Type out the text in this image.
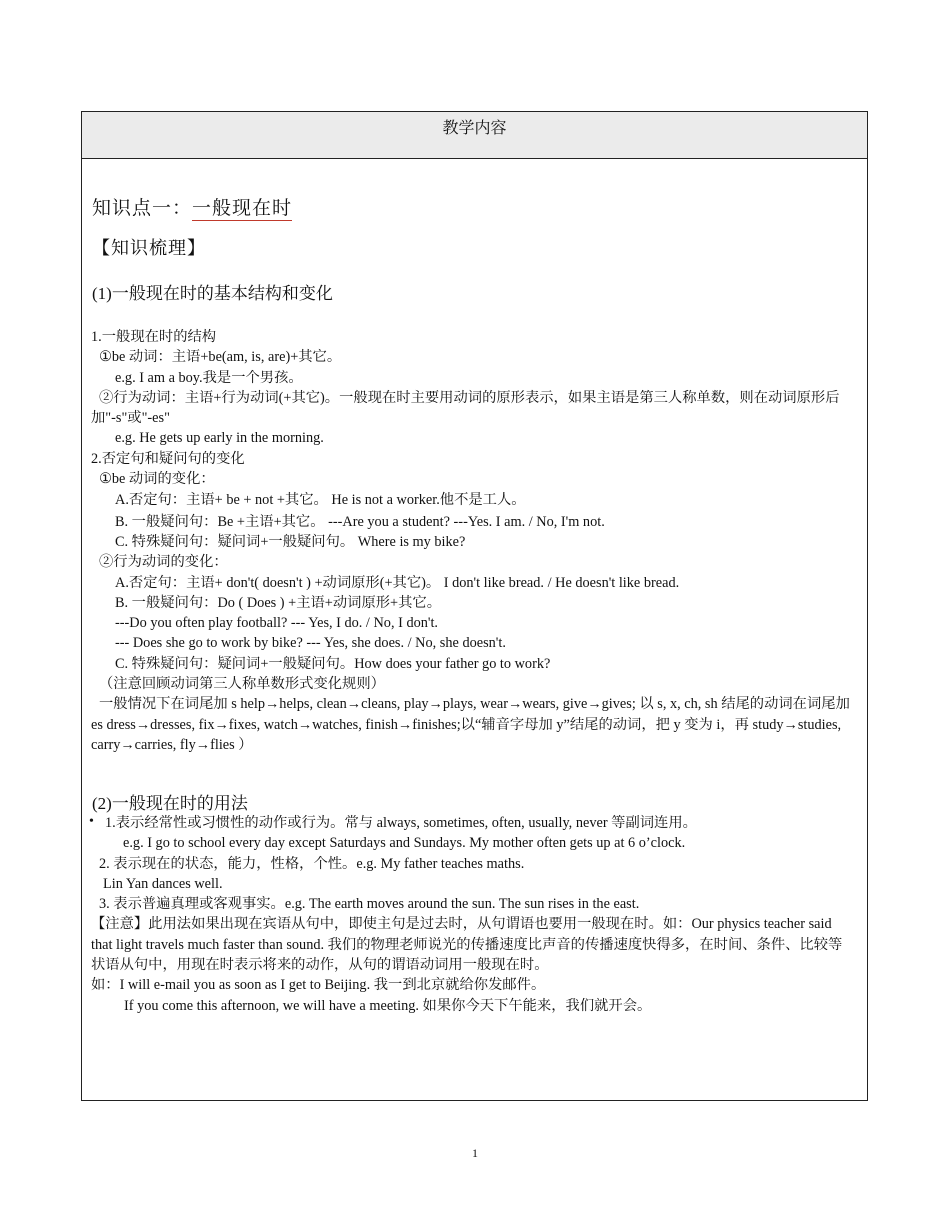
教学内容
知识点一：一般现在时
【知识梳理】
(1)一般现在时的基本结构和变化
1.一般现在时的结构
①be 动词：主语+be(am, is, are)+其它。
e.g. I am a boy.我是一个男孩。
②行为动词：主语+行为动词(+其它)。一般现在时主要用动词的原形表示，如果主语是第三人称单数，则在动词原形后加"-s"或"-es"
e.g. He gets up early in the morning.
2.否定句和疑问句的变化
①be 动词的变化：
A.否定句：主语+ be + not +其它。 He is not a worker.他不是工人。
B. 一般疑问句：Be +主语+其它。 ---Are you a student? ---Yes. I am. / No, I'm not.
C. 特殊疑问句：疑问词+一般疑问句。 Where is my bike?
②行为动词的变化：
A.否定句：主语+ don't( doesn't ) +动词原形(+其它)。 I don't like bread. / He doesn't like bread.
B. 一般疑问句：Do ( Does ) +主语+动词原形+其它。
---Do you often play football? --- Yes, I do. / No, I don't.
--- Does she go to work by bike? --- Yes, she does. / No, she doesn't.
C. 特殊疑问句：疑问词+一般疑问句。How does your father go to work?
（注意回顾动词第三人称单数形式变化规则）
一般情况下在词尾加 s help→helps, clean→cleans, play→plays, wear→wears, give→gives; 以 s, x, ch, sh 结尾的动词在词尾加 es dress→dresses, fix→fixes, watch→watches, finish→finishes;以“辅音字母加 y”结尾的动词，把 y 变为 i，再 study→studies, carry→carries, fly→flies ）
(2)一般现在时的用法
• 1.表示经常性或习惯性的动作或行为。常与 always, sometimes, often, usually, never 等副词连用。
e.g. I go to school every day except Saturdays and Sundays. My mother often gets up at 6 o’clock.
2. 表示现在的状态，能力，性格，个性。e.g. My father teaches maths.
Lin Yan dances well.
3. 表示普遍真理或客观事实。e.g. The earth moves around the sun. The sun rises in the east.
【注意】此用法如果出现在宾语从句中，即使主句是过去时，从句谓语也要用一般现在时。如：Our physics teacher said that light travels much faster than sound. 我们的物理老师说光的传播速度比声音的传播速度快得多，在时间、条件、比较等状语从句中，用现在时表示将来的动作，从句的谓语动词用一般现在时。
如：I will e-mail you as soon as I get to Beijing. 我一到北京就给你发邮件。
If you come this afternoon, we will have a meeting. 如果你今天下午能来，我们就开会。
1
